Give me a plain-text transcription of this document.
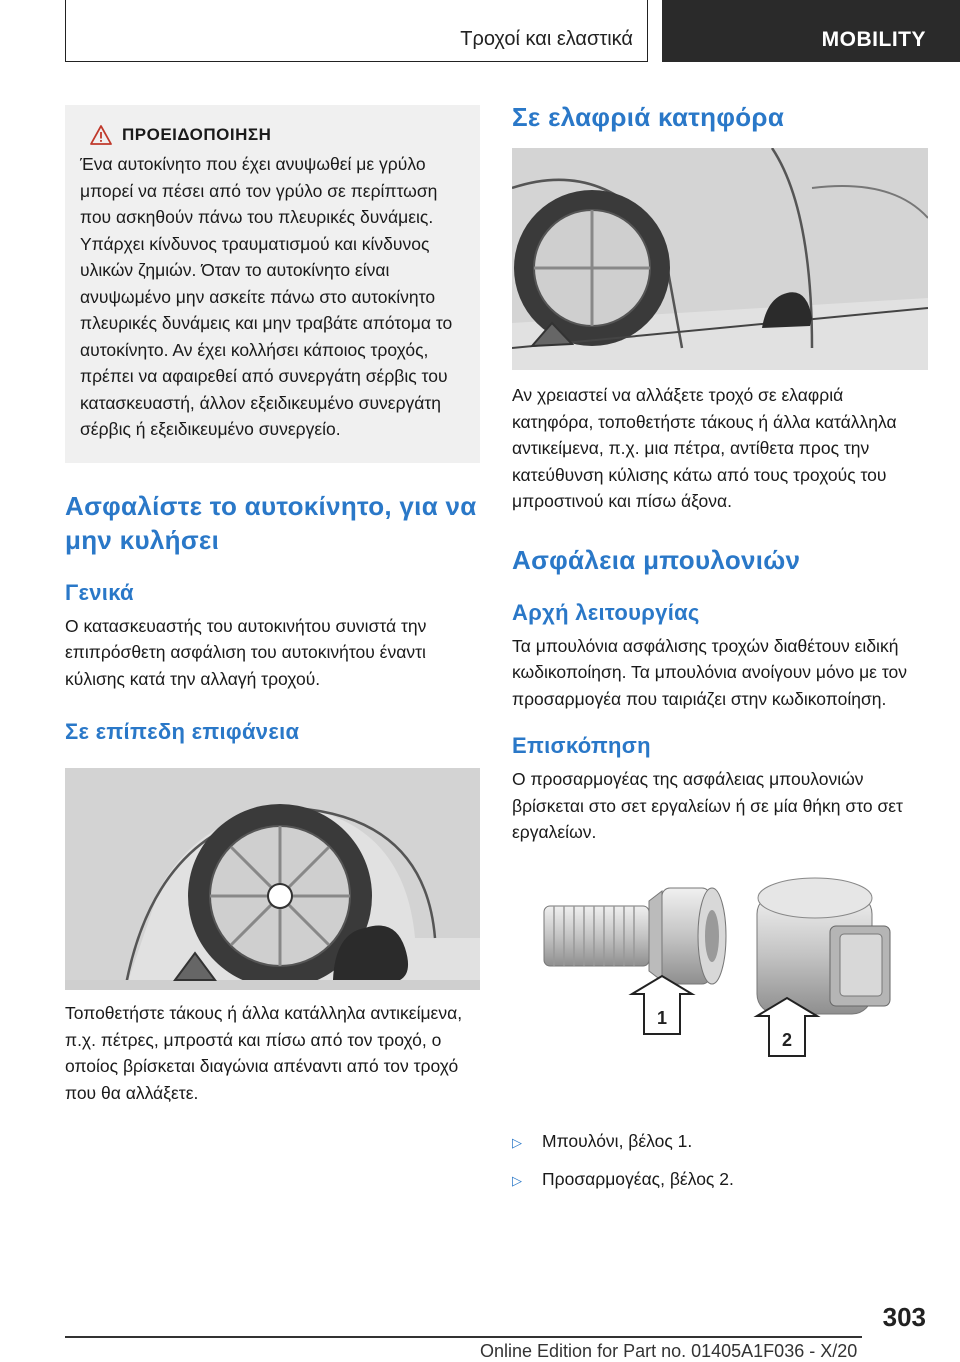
Τροχοί και ελαστικά	MOBILITY
ΠΡΟΕΙΔΟΠΟΙΗΣΗ
Ένα αυτοκίνητο που έχει ανυψωθεί με γρύλο μπορεί να πέσει από τον γρύλο σε περίπτωση που ασκηθούν πάνω του πλευρικές δυνάμεις. Υπάρχει κίνδυνος τραυματισμού και κίνδυνος υλικών ζημιών. Όταν το αυτοκίνητο είναι ανυψωμένο μην ασκείτε πάνω στο αυτοκίνητο πλευρικές δυνάμεις και μην τραβάτε απότομα το αυτοκίνητο. Αν έχει κολλήσει κάποιος τροχός, πρέπει να αφαιρεθεί από συνεργάτη σέρβις του κατασκευαστή, άλλον εξειδικευμένο συνεργάτη σέρβις ή εξειδικευμένο συνεργείο.
Ασφαλίστε το αυτοκίνητο, για να μην κυλήσει
Γενικά

Ο κατασκευαστής του αυτοκινήτου συνιστά την επιπρόσθετη ασφάλιση του αυτοκινήτου έναντι κύλισης κατά την αλλαγή τροχού.

Σε επίπεδη επιφάνεια

Τοποθετήστε τάκους ή άλλα κατάλληλα αντικείμενα, π.χ. πέτρες, μπροστά και πίσω από τον τροχό, ο οποίος βρίσκεται διαγώνια απέναντι από τον τροχό που θα αλλάξετε.

Σε ελαφριά κατηφόρα

Αν χρειαστεί να αλλάξετε τροχό σε ελαφριά κατηφόρα, τοποθετήστε τάκους ή άλλα κατάλληλα αντικείμενα, π.χ. μια πέτρα, αντίθετα προς την κατεύθυνση κύλισης κάτω από τους τροχούς του μπροστινού και πίσω άξονα.

Ασφάλεια μπουλονιών
Αρχή λειτουργίας

Τα μπουλόνια ασφάλισης τροχών διαθέτουν ειδική κωδικοποίηση. Τα μπουλόνια ανοίγουν μόνο με τον προσαρμογέα που ταιριάζει στην κωδικοποίηση.

Επισκόπηση

Ο προσαρμογέας της ασφάλειας μπουλονιών βρίσκεται στο σετ εργαλείων ή σε μία θήκη στο σετ εργαλείων.

1
2
▷	Μπουλόνι, βέλος 1.
▷	Προσαρμογέας, βέλος 2.
303
Online Edition for Part no. 01405A1F036 - X/20
